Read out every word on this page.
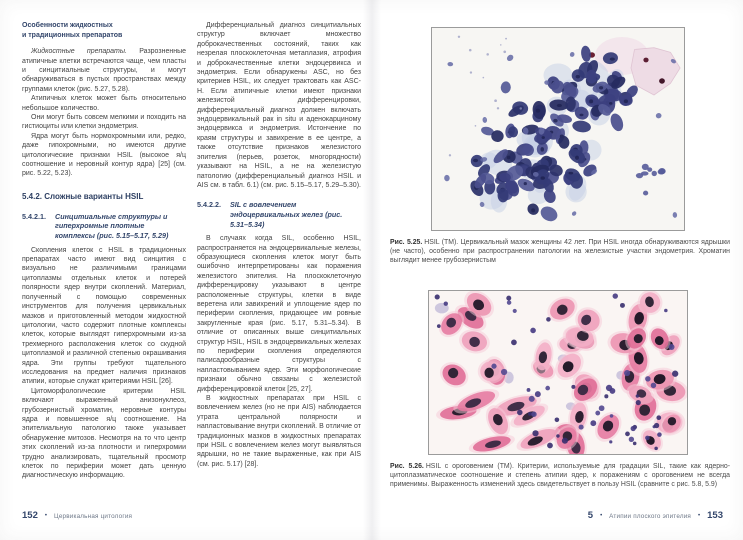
Особенности жидкостных
и традиционных препаратов

Жидкостные препараты. Разрозненные атипичные клетки встречаются чаще, чем пласты и синцитиальные структуры, и могут обнаруживаться в пустых пространствах между группами клеток (рис. 5.27, 5.28).

Атипичных клеток может быть относительно небольшое количество.

Они могут быть совсем мелкими и походить на гистиоциты или клетки эндометрия.

Ядра могут быть нормохромными или, редко, даже гипохромными, но имеются другие цитологические признаки HSIL (высокое я/ц соотношение и неровный контур ядра) [25] (см. рис. 5.22, 5.23).

5.4.2. Сложные варианты HSIL
5.4.2.1.	Синцитиальные структуры и гиперхромные плотные комплексы (рис. 5.15–5.17, 5.29)

Скопления клеток с HSIL в традиционных препаратах часто имеют вид синцития с визуально не различимыми границами цитоплазмы отдельных клеток и потерей полярности ядер внутри скоплений. Материал, полученный с помощью современных инструментов для получения цервикальных мазков и приготовленный методом жидкостной цитологии, часто содержит плотные комплексы клеток, которые выглядят гиперхромными из-за трехмерного расположения клеток со скудной цитоплазмой и различной степенью окрашивания ядра. Эти группы требуют тщательного исследования на предмет наличия признаков атипии, которые служат критериями HSIL [26].

Цитоморфологические критерии HSIL включают выраженный анизонуклеоз, грубозернистый хроматин, неровные контуры ядра и повышенное я/ц соотношение. На эпителиальную патологию также указывает обнаружение митозов. Несмотря на то что центр этих скоплений из-за плотности и гиперхромии трудно анализировать, тщательный просмотр клеток по периферии может дать ценную диагностическую информацию.

Дифференциальный диагноз синцитиальных структур включает множество доброкачественных состояний, таких как незрелая плоскоклеточная метаплазия, атрофия и доброкачественные клетки эндоцервикса и эндометрия. Если обнаружены ASC, но без критериев HSIL, их следует трактовать как ASC-H. Если атипичные клетки имеют признаки железистой дифференцировки, дифференциальный диагноз должен включать эндоцервикальный рак in situ и аденокарциному эндоцервикса и эндометрия. Истончение по краям структуры и завихрение в ее центре, а также отсутствие признаков железистого эпителия (перьев, розеток, многорядности) указывают на HSIL, а не на железистую патологию (дифференциальный диагноз HSIL и AIS см. в табл. 6.1) (см. рис. 5.15–5.17, 5.29–5.30).

5.4.2.2.	SIL с вовлечением эндоцервикальных желез (рис. 5.31–5.34)

В случаях когда SIL, особенно HSIL, распространяется на эндоцервикальные железы, образующиеся скопления клеток могут быть ошибочно интерпретированы как поражения железистого эпителия. На плоскоклеточную дифференцировку указывают в центре расположенные структуры, клетки в виде веретена или завихрений и уплощение ядер по периферии скопления, придающее им ровные закругленные края (рис. 5.17, 5.31–5.34). В отличие от описанных выше синцитиальных структур HSIL, HSIL в эндоцервикальных железах по периферии скопления определяются палисадообразные структуры с напластовыванием ядер. Эти морфологические признаки обычно связаны с железистой дифференцировкой клеток [25, 27].

В жидкостных препаратах при HSIL с вовлечением желез (но не при AIS) наблюдается утрата центральной полярности и напластовывание внутри скоплений. В отличие от традиционных мазков в жидкостных препаратах при HSIL с вовлечением желез могут выявляться ядрышки, но не такие выраженные, как при AIS (см. рис. 5.17) [28].

152 • Цервикальная цитология

Рис. 5.25. HSIL (ТМ). Цервикальный мазок женщины 42 лет. При HSIL иногда обнаруживаются ядрышки (не часто), особенно при распространении патологии на железистые участки эндометрия. Хроматин выглядит менее грубозернистым

Рис. 5.26. HSIL с ороговением (ТМ). Критерии, используемые для градации SIL, такие как ядерно-цитоплазматическое соотношение и степень атипии ядер, к поражениям с ороговением не всегда применимы. Выраженность изменений здесь свидетельствует в пользу HSIL (сравните с рис. 5.8, 5.9)

5 • Атипии плоского эпителия • 153
